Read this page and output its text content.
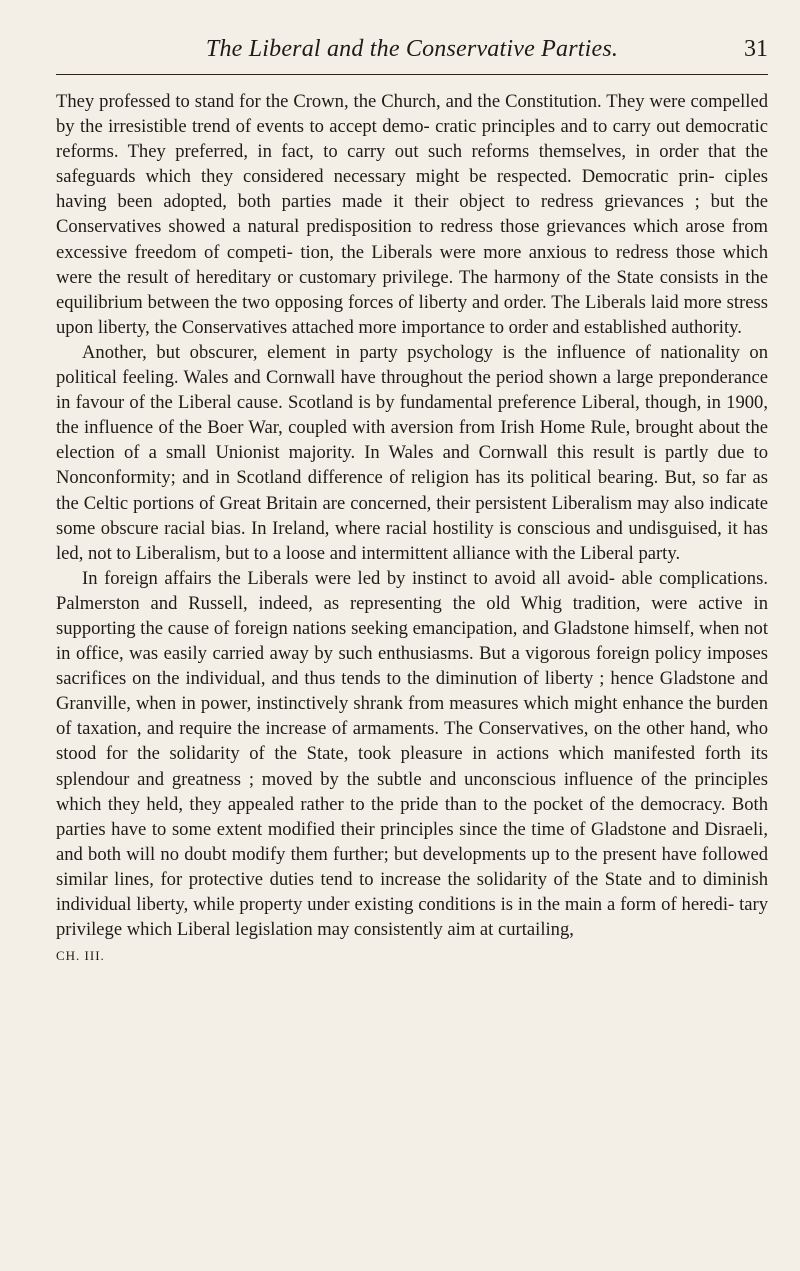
The Liberal and the Conservative Parties.	31

They professed to stand for the Crown, the Church, and the Constitution. They were compelled by the irresistible trend of events to accept demo- cratic principles and to carry out democratic reforms. They preferred, in fact, to carry out such reforms themselves, in order that the safeguards which they considered necessary might be respected. Democratic prin- ciples having been adopted, both parties made it their object to redress grievances ; but the Conservatives showed a natural predisposition to redress those grievances which arose from excessive freedom of competi- tion, the Liberals were more anxious to redress those which were the result of hereditary or customary privilege. The harmony of the State consists in the equilibrium between the two opposing forces of liberty and order. The Liberals laid more stress upon liberty, the Conservatives attached more importance to order and established authority.

Another, but obscurer, element in party psychology is the influence of nationality on political feeling. Wales and Cornwall have throughout the period shown a large preponderance in favour of the Liberal cause. Scotland is by fundamental preference Liberal, though, in 1900, the influence of the Boer War, coupled with aversion from Irish Home Rule, brought about the election of a small Unionist majority. In Wales and Cornwall this result is partly due to Nonconformity; and in Scotland difference of religion has its political bearing. But, so far as the Celtic portions of Great Britain are concerned, their persistent Liberalism may also indicate some obscure racial bias. In Ireland, where racial hostility is conscious and undisguised, it has led, not to Liberalism, but to a loose and intermittent alliance with the Liberal party.

In foreign affairs the Liberals were led by instinct to avoid all avoid- able complications. Palmerston and Russell, indeed, as representing the old Whig tradition, were active in supporting the cause of foreign nations seeking emancipation, and Gladstone himself, when not in office, was easily carried away by such enthusiasms. But a vigorous foreign policy imposes sacrifices on the individual, and thus tends to the diminution of liberty ; hence Gladstone and Granville, when in power, instinctively shrank from measures which might enhance the burden of taxation, and require the increase of armaments. The Conservatives, on the other hand, who stood for the solidarity of the State, took pleasure in actions which manifested forth its splendour and greatness ; moved by the subtle and unconscious influence of the principles which they held, they appealed rather to the pride than to the pocket of the democracy. Both parties have to some extent modified their principles since the time of Gladstone and Disraeli, and both will no doubt modify them further; but developments up to the present have followed similar lines, for protective duties tend to increase the solidarity of the State and to diminish individual liberty, while property under existing conditions is in the main a form of heredi- tary privilege which Liberal legislation may consistently aim at curtailing,

CH. III.
